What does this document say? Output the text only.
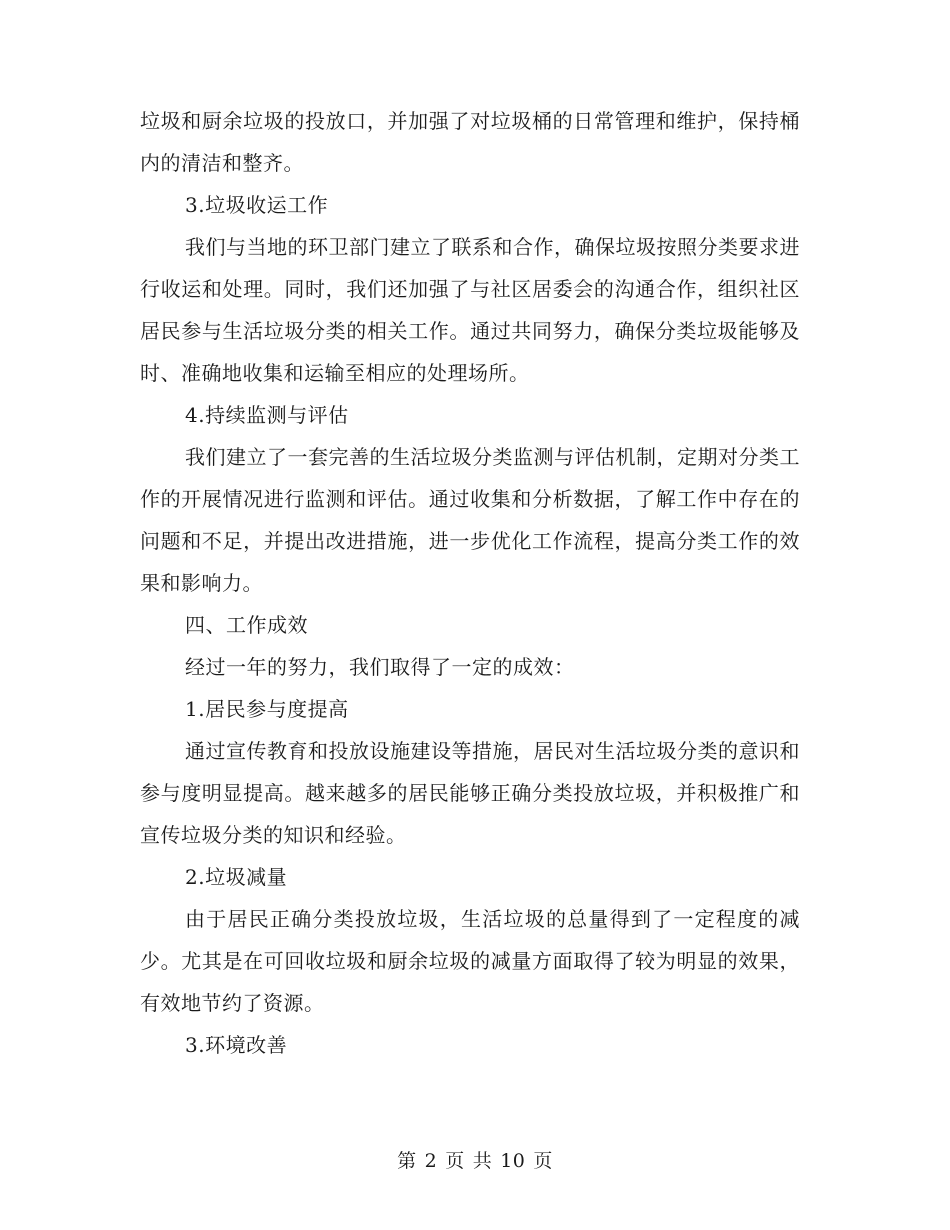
垃圾和厨余垃圾的投放口，并加强了对垃圾桶的日常管理和维护，保持桶内的清洁和整齐。

3.垃圾收运工作

我们与当地的环卫部门建立了联系和合作，确保垃圾按照分类要求进行收运和处理。同时，我们还加强了与社区居委会的沟通合作，组织社区居民参与生活垃圾分类的相关工作。通过共同努力，确保分类垃圾能够及时、准确地收集和运输至相应的处理场所。

4.持续监测与评估

我们建立了一套完善的生活垃圾分类监测与评估机制，定期对分类工作的开展情况进行监测和评估。通过收集和分析数据，了解工作中存在的问题和不足，并提出改进措施，进一步优化工作流程，提高分类工作的效果和影响力。

四、工作成效

经过一年的努力，我们取得了一定的成效：

1.居民参与度提高

通过宣传教育和投放设施建设等措施，居民对生活垃圾分类的意识和参与度明显提高。越来越多的居民能够正确分类投放垃圾，并积极推广和宣传垃圾分类的知识和经验。

2.垃圾减量

由于居民正确分类投放垃圾，生活垃圾的总量得到了一定程度的减少。尤其是在可回收垃圾和厨余垃圾的减量方面取得了较为明显的效果，有效地节约了资源。

3.环境改善

第 2 页 共 10 页
